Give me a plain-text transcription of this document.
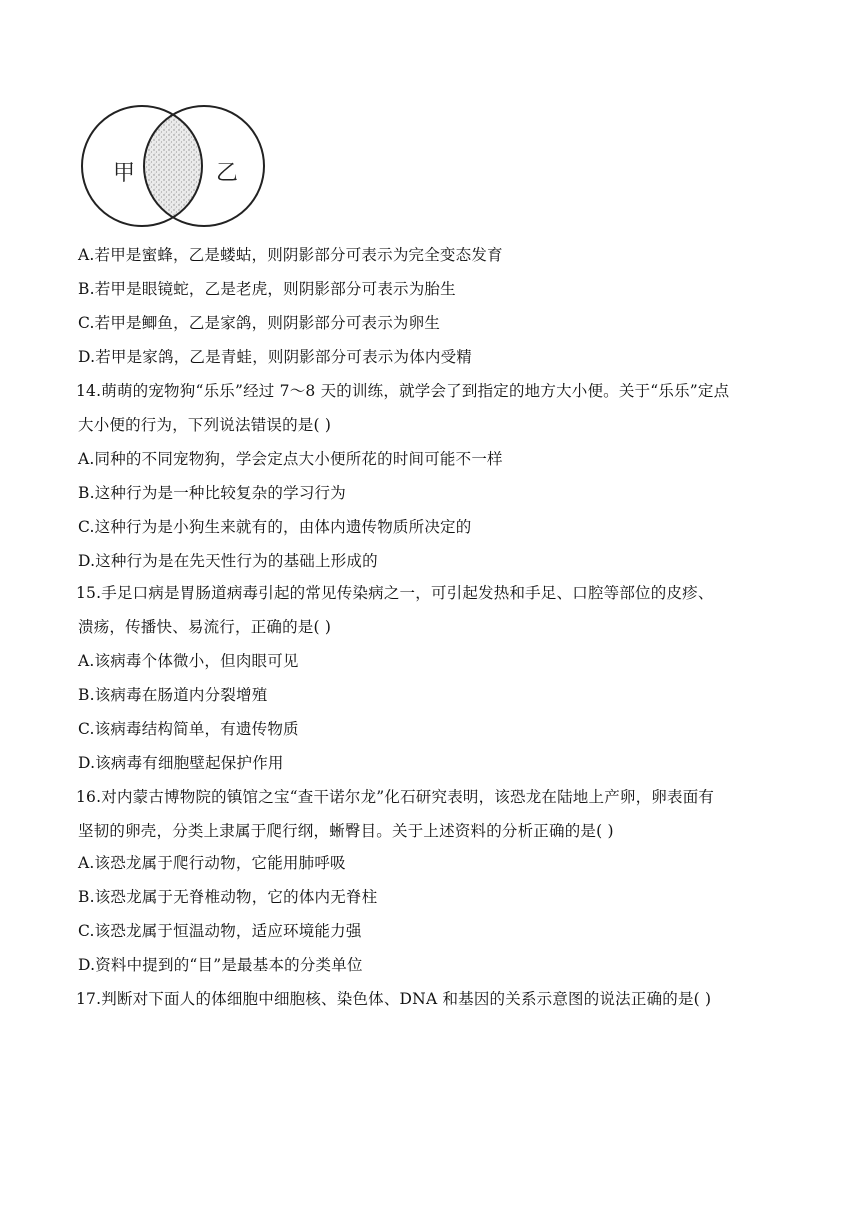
甲	乙
A.若甲是蜜蜂，乙是蝼蛄，则阴影部分可表示为完全变态发育
B.若甲是眼镜蛇，乙是老虎，则阴影部分可表示为胎生
C.若甲是鲫鱼，乙是家鸽，则阴影部分可表示为卵生
D.若甲是家鸽，乙是青蛙，则阴影部分可表示为体内受精
14.萌萌的宠物狗“乐乐”经过 7～8 天的训练，就学会了到指定的地方大小便。关于“乐乐”定点
大小便的行为，下列说法错误的是( )
A.同种的不同宠物狗，学会定点大小便所花的时间可能不一样
B.这种行为是一种比较复杂的学习行为
C.这种行为是小狗生来就有的，由体内遗传物质所决定的
D.这种行为是在先天性行为的基础上形成的
15.手足口病是胃肠道病毒引起的常见传染病之一，可引起发热和手足、口腔等部位的皮疹、
溃疡，传播快、易流行，正确的是( )
A.该病毒个体微小，但肉眼可见
B.该病毒在肠道内分裂增殖
C.该病毒结构简单，有遗传物质
D.该病毒有细胞壁起保护作用
16.对内蒙古博物院的镇馆之宝“查干诺尔龙”化石研究表明，该恐龙在陆地上产卵，卵表面有
坚韧的卵壳，分类上隶属于爬行纲，蜥臀目。关于上述资料的分析正确的是( )
A.该恐龙属于爬行动物，它能用肺呼吸
B.该恐龙属于无脊椎动物，它的体内无脊柱
C.该恐龙属于恒温动物，适应环境能力强
D.资料中提到的“目”是最基本的分类单位
17.判断对下面人的体细胞中细胞核、染色体、DNA 和基因的关系示意图的说法正确的是( )
